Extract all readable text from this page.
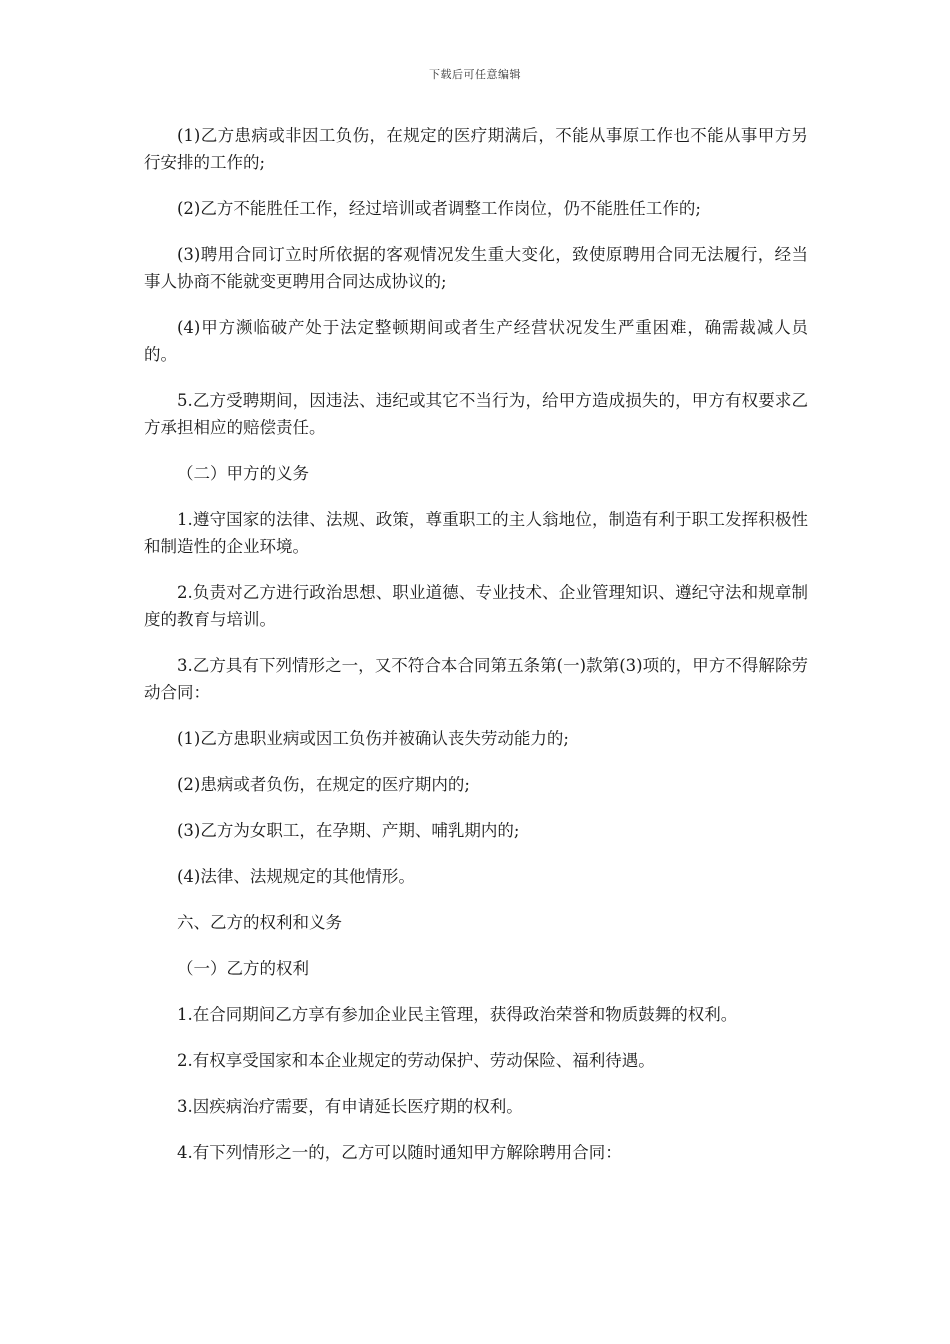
下载后可任意编辑

(1)乙方患病或非因工负伤，在规定的医疗期满后，不能从事原工作也不能从事甲方另行安排的工作的;

(2)乙方不能胜任工作，经过培训或者调整工作岗位，仍不能胜任工作的;

(3)聘用合同订立时所依据的客观情况发生重大变化，致使原聘用合同无法履行，经当事人协商不能就变更聘用合同达成协议的;

(4)甲方濒临破产处于法定整顿期间或者生产经营状况发生严重困难，确需裁减人员的。

5.乙方受聘期间，因违法、违纪或其它不当行为，给甲方造成损失的，甲方有权要求乙方承担相应的赔偿责任。

（二）甲方的义务

1.遵守国家的法律、法规、政策，尊重职工的主人翁地位，制造有利于职工发挥积极性和制造性的企业环境。

2.负责对乙方进行政治思想、职业道德、专业技术、企业管理知识、遵纪守法和规章制度的教育与培训。

3.乙方具有下列情形之一，又不符合本合同第五条第(一)款第(3)项的，甲方不得解除劳动合同：

(1)乙方患职业病或因工负伤并被确认丧失劳动能力的;

(2)患病或者负伤，在规定的医疗期内的;

(3)乙方为女职工，在孕期、产期、哺乳期内的;

(4)法律、法规规定的其他情形。

六、乙方的权利和义务

（一）乙方的权利

1.在合同期间乙方享有参加企业民主管理，获得政治荣誉和物质鼓舞的权利。

2.有权享受国家和本企业规定的劳动保护、劳动保险、福利待遇。

3.因疾病治疗需要，有申请延长医疗期的权利。

4.有下列情形之一的，乙方可以随时通知甲方解除聘用合同：
